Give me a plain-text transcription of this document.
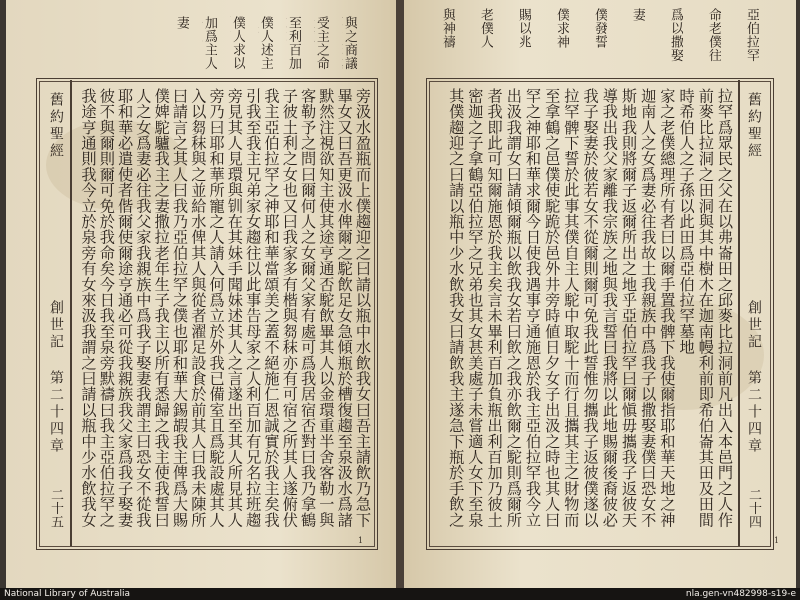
與之商議
受主之命
至利百加
僕人述主
僕人求以
加爲主人
妻
舊約聖經
創世記
第二十四章
二十五
旁汲水盈瓶而上僕趨迎之曰請以瓶中水飲我女曰吾主請飲乃急下
畢女又曰吾更汲水俾爾之駝飲足女急傾瓶於槽復趨至泉汲水爲諸
默然注視欲知主使其途亨通否駝飲畢其人以金環重半舍客勒一與
客勒予之問曰爾何人之女爾父家有處可爲我居宿否對曰我乃拿鶴
子彼土利之女也又曰我家多有楷與芻秣亦有可宿之所其人遂俯伏
我主亞伯拉罕之神耶和華當頌美之蓋不絕施仁恩誠實於我主矣我
引我至我主兄弟家女趨往以此事告母家之人利百加有兄名拉班趨
旁見其人見環與钏在其妹手聞妹述其人之言遂出至其人所見其人
旁乃曰耶和華所寵之人請入何爲立於外我已備室且爲駝設處其人
入以芻秣與之並給水俾其人與從者濯足設食於前其人曰我未陳所
曰請言之其人曰我乃亞伯拉罕之僕也耶和華大錫嘏我主俾爲大賜
僕婢駝驢我主之妻撒拉老年生子我主以所有悉歸之我主使我誓曰
人之女爲妻必往我父家我親族中爲我子娶妻我謂主曰恐女不從我
耶和華必遣使者偕爾使爾途亨通必可從我親族我父家爲我子娶妻
彼不與爾則爾可免於我命矣今日我至泉旁默禱曰我主亞伯拉罕之
我途亨通則我今立於泉旁有女來汲我謂之曰請以瓶中少水飲我女
1
亞伯拉罕
命老僕往
爲以撒娶
妻
僕發誓
僕求神
賜以兆
老僕人
與神禱
舊約聖經
創世記
第二十四章
二十四
拉罕爲眾民之父在以弗崙田之邱麥比拉洞前凡出入本邑門之人作
前麥比拉洞之田洞與其中樹木在迦南幔利前即希伯崙其田及田間
時希伯人之子孫以此田爲亞伯拉罕墓地
家之老僕總理所有者曰以爾手置我髀下我使爾指耶和華天地之神
迦南人之女爲妻必往我故土我親族中爲我子以撒娶妻僕曰恐女不
斯地我則將爾子返爾所出之地乎亞伯拉罕曰爾愼毋攜我子返彼天
導我出我父家離我宗族之地與我言誓曰我將以此地賜爾後裔彼必
我子娶妻於彼若女不從爾則爾可免我此誓惟勿攜我子返彼僕遂以
拉罕髀下誓於此事其僕自主人駝中取駝十而行且攜其主之財物而
至拿鶴之邑僕使駝跪於邑外井旁時値日夕女子出汲之時也其人曰
罕之神耶和華求爾今日使我遇事亨通施恩於我主亞伯拉罕我今立
出汲我謂女曰請傾爾瓶以飲我女若曰飲之我亦飲爾之駝則爲爾所
者我即此可知爾施恩於我主矣言未畢利百加負瓶出利百加乃彼土
密迦之子拿鶴亞伯拉罕之兄弟也其女甚美處子未嘗適人女下至泉
其僕趨迎之曰請以瓶中少水飲我女曰請飲我主遂急下瓶於手飲之
1
National Library of Australia	nla.gen-vn482998-s19-e
